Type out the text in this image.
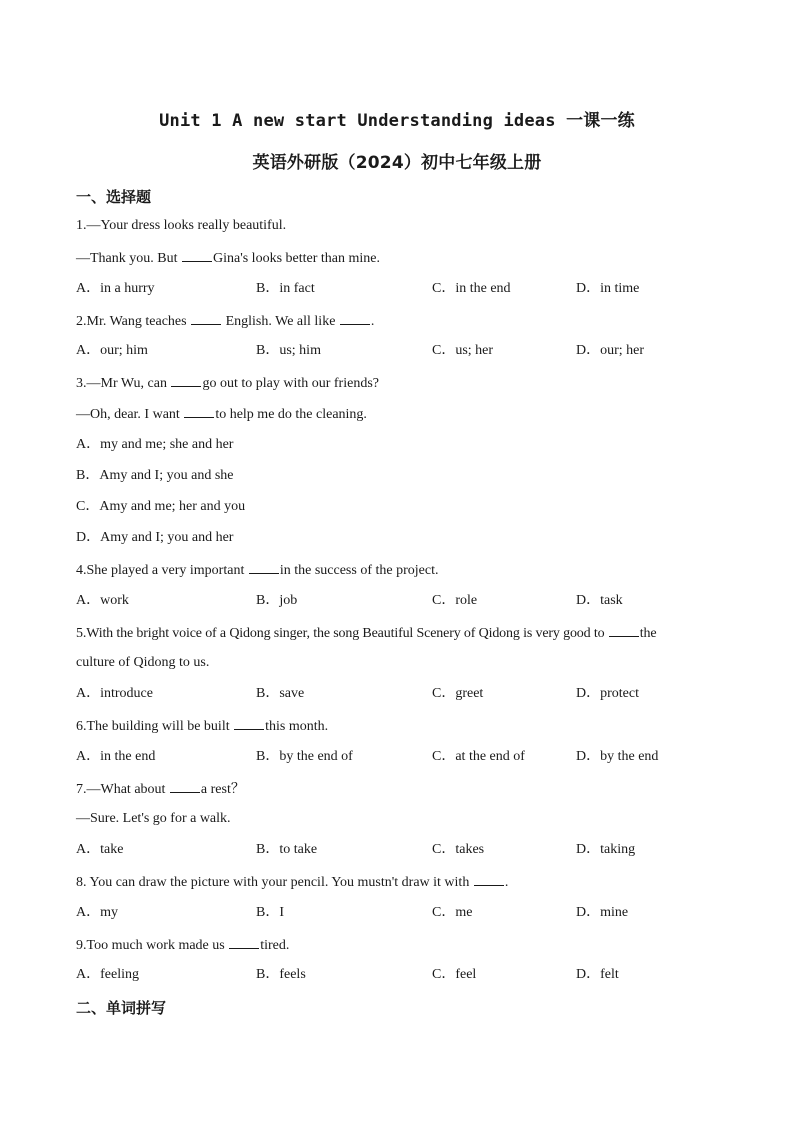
Unit 1 A new start Understanding ideas 一课一练
英语外研版（2024）初中七年级上册
一、选择题
1.—Your dress looks really beautiful.
—Thank you. But Gina's looks better than mine.
A．in a hurry	B．in fact	C．in the end	D．in time
2.Mr. Wang teaches  English. We all like .
A．our; him	B．us; him	C．us; her	D．our; her
3.—Mr Wu, can go out to play with our friends?
—Oh, dear. I want to help me do the cleaning.
A．my and me; she and her
B．Amy and I; you and she
C．Amy and me; her and you
D．Amy and I; you and her
4.She played a very important in the success of the project.
A．work	B．job	C．role	D．task
5.With the bright voice of a Qidong singer, the song Beautiful Scenery of Qidong is very good to the
culture of Qidong to us.
A．introduce	B．save	C．greet	D．protect
6.The building will be built this month.
A．in the end	B．by the end of	C．at the end of	D．by the end
7.—What about a rest？
—Sure. Let's go for a walk.
A．take	B．to take	C．takes	D．taking
8. You can draw the picture with your pencil. You mustn't draw it with .
A．my	B．I	C．me	D．mine
9.Too much work made us tired.
A．feeling	B．feels	C．feel	D．felt
二、单词拼写
